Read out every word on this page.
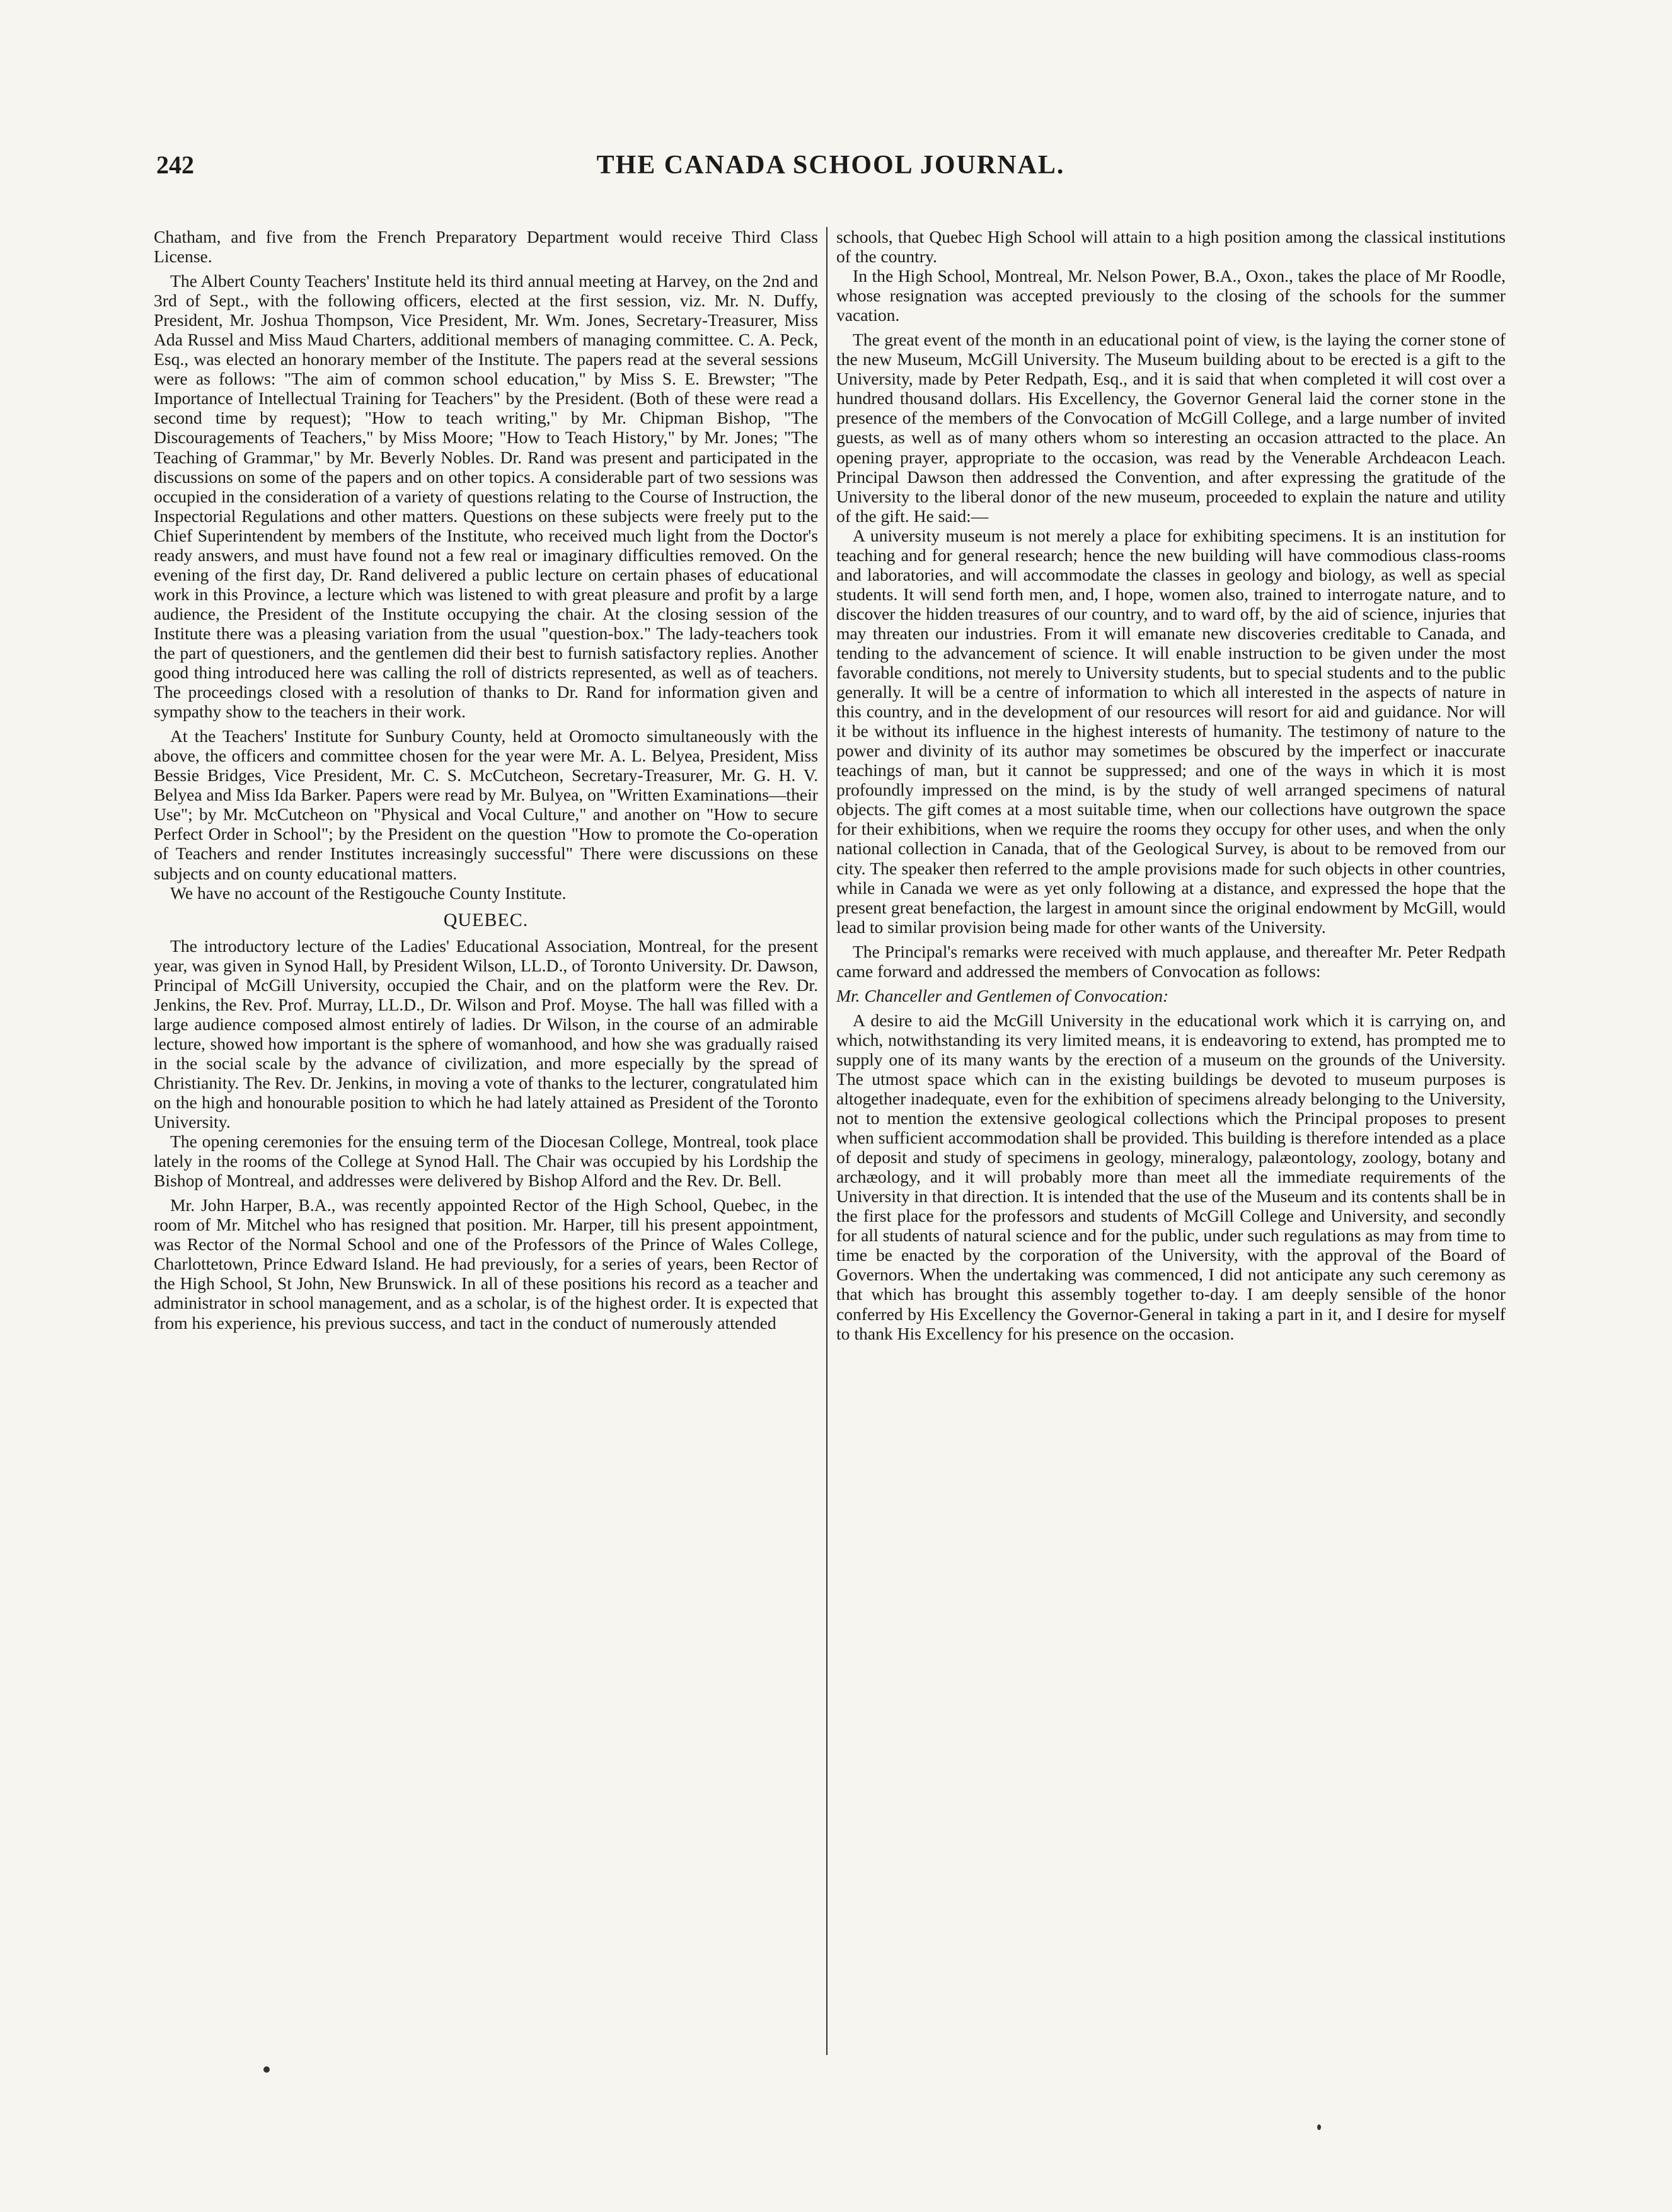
242	THE CANADA SCHOOL JOURNAL.

Chatham, and five from the French Preparatory Department would receive Third Class License.

The Albert County Teachers' Institute held its third annual meeting at Harvey, on the 2nd and 3rd of Sept., with the following officers, elected at the first session, viz. Mr. N. Duffy, President, Mr. Joshua Thompson, Vice President, Mr. Wm. Jones, Secretary-Treasurer, Miss Ada Russel and Miss Maud Charters, additional members of managing committee. C. A. Peck, Esq., was elected an honorary member of the Institute. The papers read at the several sessions were as follows: "The aim of common school education," by Miss S. E. Brewster; "The Importance of Intellectual Training for Teachers" by the President. (Both of these were read a second time by request); "How to teach writing," by Mr. Chipman Bishop, "The Discouragements of Teachers," by Miss Moore; "How to Teach History," by Mr. Jones; "The Teaching of Grammar," by Mr. Beverly Nobles. Dr. Rand was present and participated in the discussions on some of the papers and on other topics. A considerable part of two sessions was occupied in the consideration of a variety of questions relating to the Course of Instruction, the Inspectorial Regulations and other matters. Questions on these subjects were freely put to the Chief Superintendent by members of the Institute, who received much light from the Doctor's ready answers, and must have found not a few real or imaginary difficulties removed. On the evening of the first day, Dr. Rand delivered a public lecture on certain phases of educational work in this Province, a lecture which was listened to with great pleasure and profit by a large audience, the President of the Institute occupying the chair. At the closing session of the Institute there was a pleasing variation from the usual "question-box." The lady-teachers took the part of questioners, and the gentlemen did their best to furnish satisfactory replies. Another good thing introduced here was calling the roll of districts represented, as well as of teachers. The proceedings closed with a resolution of thanks to Dr. Rand for information given and sympathy show to the teachers in their work.

At the Teachers' Institute for Sunbury County, held at Oromocto simultaneously with the above, the officers and committee chosen for the year were Mr. A. L. Belyea, President, Miss Bessie Bridges, Vice President, Mr. C. S. McCutcheon, Secretary-Treasurer, Mr. G. H. V. Belyea and Miss Ida Barker. Papers were read by Mr. Bulyea, on "Written Examinations—their Use"; by Mr. McCutcheon on "Physical and Vocal Culture," and another on "How to secure Perfect Order in School"; by the President on the question "How to promote the Co-operation of Teachers and render Institutes increasingly successful" There were discussions on these subjects and on county educational matters.

We have no account of the Restigouche County Institute.

QUEBEC.

The introductory lecture of the Ladies' Educational Association, Montreal, for the present year, was given in Synod Hall, by President Wilson, LL.D., of Toronto University. Dr. Dawson, Principal of McGill University, occupied the Chair, and on the platform were the Rev. Dr. Jenkins, the Rev. Prof. Murray, LL.D., Dr. Wilson and Prof. Moyse. The hall was filled with a large audience composed almost entirely of ladies. Dr Wilson, in the course of an admirable lecture, showed how important is the sphere of womanhood, and how she was gradually raised in the social scale by the advance of civilization, and more especially by the spread of Christianity. The Rev. Dr. Jenkins, in moving a vote of thanks to the lecturer, congratulated him on the high and honourable position to which he had lately attained as President of the Toronto University.

The opening ceremonies for the ensuing term of the Diocesan College, Montreal, took place lately in the rooms of the College at Synod Hall. The Chair was occupied by his Lordship the Bishop of Montreal, and addresses were delivered by Bishop Alford and the Rev. Dr. Bell.

Mr. John Harper, B.A., was recently appointed Rector of the High School, Quebec, in the room of Mr. Mitchel who has resigned that position. Mr. Harper, till his present appointment, was Rector of the Normal School and one of the Professors of the Prince of Wales College, Charlottetown, Prince Edward Island. He had previously, for a series of years, been Rector of the High School, St John, New Brunswick. In all of these positions his record as a teacher and administrator in school management, and as a scholar, is of the highest order. It is expected that from his experience, his previous success, and tact in the conduct of numerously attended

schools, that Quebec High School will attain to a high position among the classical institutions of the country.

In the High School, Montreal, Mr. Nelson Power, B.A., Oxon., takes the place of Mr Roodle, whose resignation was accepted previously to the closing of the schools for the summer vacation.

The great event of the month in an educational point of view, is the laying the corner stone of the new Museum, McGill University. The Museum building about to be erected is a gift to the University, made by Peter Redpath, Esq., and it is said that when completed it will cost over a hundred thousand dollars. His Excellency, the Governor General laid the corner stone in the presence of the members of the Convocation of McGill College, and a large number of invited guests, as well as of many others whom so interesting an occasion attracted to the place. An opening prayer, appropriate to the occasion, was read by the Venerable Archdeacon Leach. Principal Dawson then addressed the Convention, and after expressing the gratitude of the University to the liberal donor of the new museum, proceeded to explain the nature and utility of the gift. He said:—

A university museum is not merely a place for exhibiting specimens. It is an institution for teaching and for general research; hence the new building will have commodious class-rooms and laboratories, and will accommodate the classes in geology and biology, as well as special students. It will send forth men, and, I hope, women also, trained to interrogate nature, and to discover the hidden treasures of our country, and to ward off, by the aid of science, injuries that may threaten our industries. From it will emanate new discoveries creditable to Canada, and tending to the advancement of science. It will enable instruction to be given under the most favorable conditions, not merely to University students, but to special students and to the public generally. It will be a centre of information to which all interested in the aspects of nature in this country, and in the development of our resources will resort for aid and guidance. Nor will it be without its influence in the highest interests of humanity. The testimony of nature to the power and divinity of its author may sometimes be obscured by the imperfect or inaccurate teachings of man, but it cannot be suppressed; and one of the ways in which it is most profoundly impressed on the mind, is by the study of well arranged specimens of natural objects. The gift comes at a most suitable time, when our collections have outgrown the space for their exhibitions, when we require the rooms they occupy for other uses, and when the only national collection in Canada, that of the Geological Survey, is about to be removed from our city. The speaker then referred to the ample provisions made for such objects in other countries, while in Canada we were as yet only following at a distance, and expressed the hope that the present great benefaction, the largest in amount since the original endowment by McGill, would lead to similar provision being made for other wants of the University.

The Principal's remarks were received with much applause, and thereafter Mr. Peter Redpath came forward and addressed the members of Convocation as follows:

Mr. Chanceller and Gentlemen of Convocation:

A desire to aid the McGill University in the educational work which it is carrying on, and which, notwithstanding its very limited means, it is endeavoring to extend, has prompted me to supply one of its many wants by the erection of a museum on the grounds of the University. The utmost space which can in the existing buildings be devoted to museum purposes is altogether inadequate, even for the exhibition of specimens already belonging to the University, not to mention the extensive geological collections which the Principal proposes to present when sufficient accommodation shall be provided. This building is therefore intended as a place of deposit and study of specimens in geology, mineralogy, palæontology, zoology, botany and archæology, and it will probably more than meet all the immediate requirements of the University in that direction. It is intended that the use of the Museum and its contents shall be in the first place for the professors and students of McGill College and University, and secondly for all students of natural science and for the public, under such regulations as may from time to time be enacted by the corporation of the University, with the approval of the Board of Governors. When the undertaking was commenced, I did not anticipate any such ceremony as that which has brought this assembly together to-day. I am deeply sensible of the honor conferred by His Excellency the Governor-General in taking a part in it, and I desire for myself to thank His Excellency for his presence on the occasion.
